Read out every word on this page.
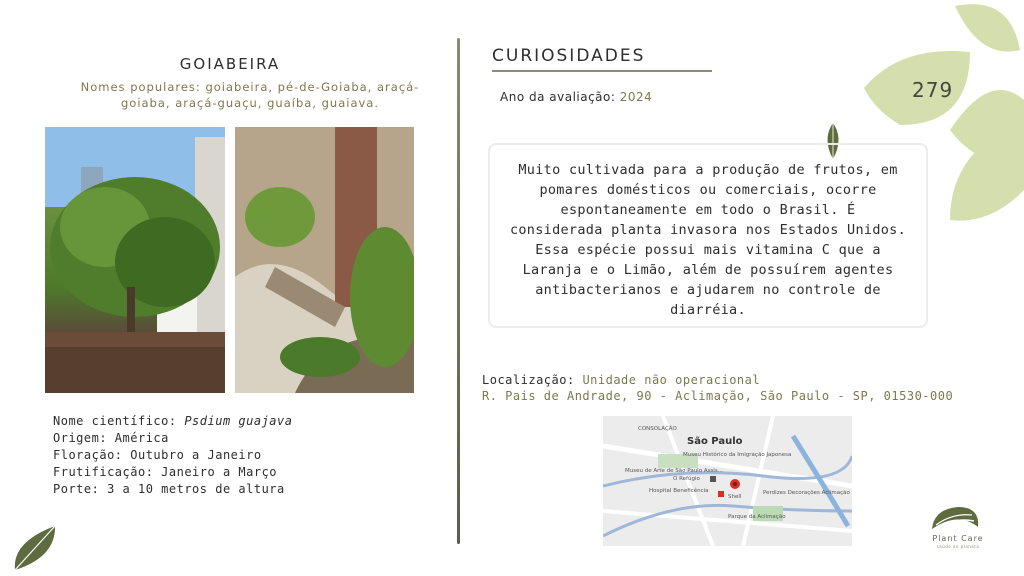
GOIABEIRA
Nomes populares: goiabeira, pé-de-Goiaba, araçá-
goiaba, araçá-guaçu, guaíba, guaiava.
Nome científico: Psdium guajava
Origem: América
Floração: Outubro a Janeiro
Frutificação: Janeiro a Março
Porte: 3 a 10 metros de altura
CURIOSIDADES
Ano da avaliação: 2024	279
Muito cultivada para a produção de frutos, em
pomares domésticos ou comerciais, ocorre
espontaneamente em todo o Brasil. É
considerada planta invasora nos Estados Unidos.
Essa espécie possui mais vitamina C que a
Laranja e o Limão, além de possuírem agentes
antibacterianos e ajudarem no controle de
diarréia.
Localização: Unidade não operacional
R. Pais de Andrade, 90 - Aclimação, São Paulo - SP, 01530-000
São Paulo
CONSOLAÇÃO
Museu Histórico da Imigração Japonesa
Museu de Arte de São Paulo Assis...
O Refúgio
Hospital Beneficência
Shell
Perdizes Decorações Aclimação
Parque da Aclimação
Plant Care
saúde ao planeta
